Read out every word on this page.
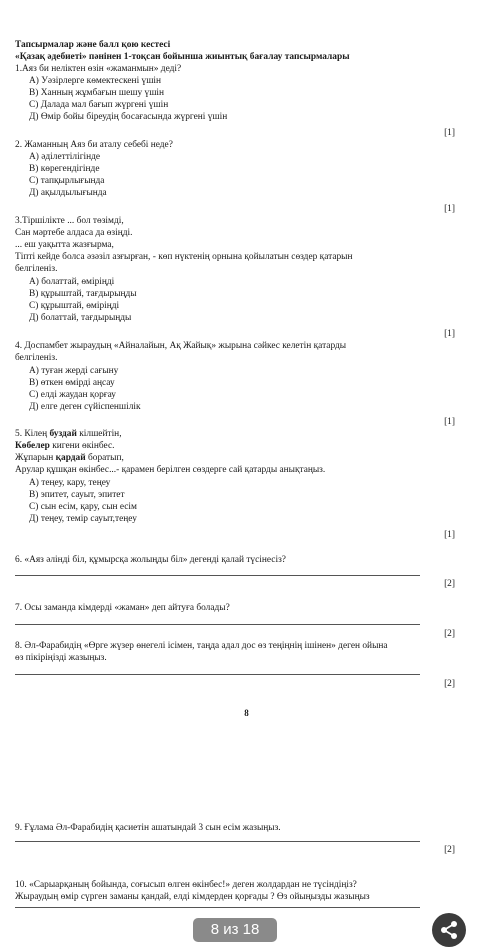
Тапсырмалар және балл қою кестесі
«Қазақ әдебиеті» пәнінен 1-тоқсан бойынша жиынтық бағалау тапсырмалары
1.Аяз би неліктен өзін «жаманмын» деді?
А) Уәзірлерге көмектескені үшін
В) Ханның жұмбағын шешу үшін
С) Далада мал бағып жүргені үшін
Д) Өмір бойы біреудің босағасында жүргені үшін
[1]
2. Жаманның Аяз би аталу себебі неде?
А) әділеттілігінде
В) көрегендігінде
С) тапқырлығында
Д) ақылдылығында
[1]
3.Тіршілікте ... бол төзімді,
Сан мәртебе алдаса да өзіңді.
... еш уақытта жазғырма,
Тіпті кейде болса әзәзіл азғырған, - көп нүктенің орнына қойылатын сөздер қатарын
белгіленіз.
А) болаттай, өміріңді
В) құрыштай, тағдырыңды
С) құрыштай, өміріңді
Д) болаттай, тағдырыңды
[1]
4. Доспамбет жыраудың «Айналайын, Ақ Жайық» жырына сәйкес келетін қатарды
белгіленіз.
А) туған жерді сағыну
В) өткен өмірді аңсау
С) елді жаудан қорғау
Д) елге деген сүйіспеншілік
[1]
5. Кілең буздай кілшейтін,
Көбелер кигени өкінбес.
Жұпарын қардай боратып,
Арулар құшқан өкінбес...- қарамен берілген сөздерге сай қатарды анықтаңыз.
А) теңеу, кару, теңеу
В) эпитет, сауыт, эпитет
С) сын есім, қару, сын есім
Д) теңеу, темір сауыт,теңеу
[1]
6. «Аяз әлінді біл, құмырсқа жолыңды біл» дегенді қалай түсінесіз?
[2]
7. Осы заманда кімдерді «жаман» деп айтуға болады?
[2]
8. Әл-Фарабидің «Өрге жүзер өнегелі ісімен, таңда адал дос өз теңіңнің ішінен» деген ойына
өз пікіріңізді жазыңыз.
[2]
8
9. Ғұлама Әл-Фарабидің қасиетін ашатындай 3 сын есім жазыңыз.
[2]
10. «Сарыарқаның бойында, соғысып өлген өкінбес!» деген жолдардан не түсіндіңіз?
Жыраудың өмір сүрген заманы қандай, елді кімдерден қорғады ? Өз ойыңызды жазыңыз
8 из 18
